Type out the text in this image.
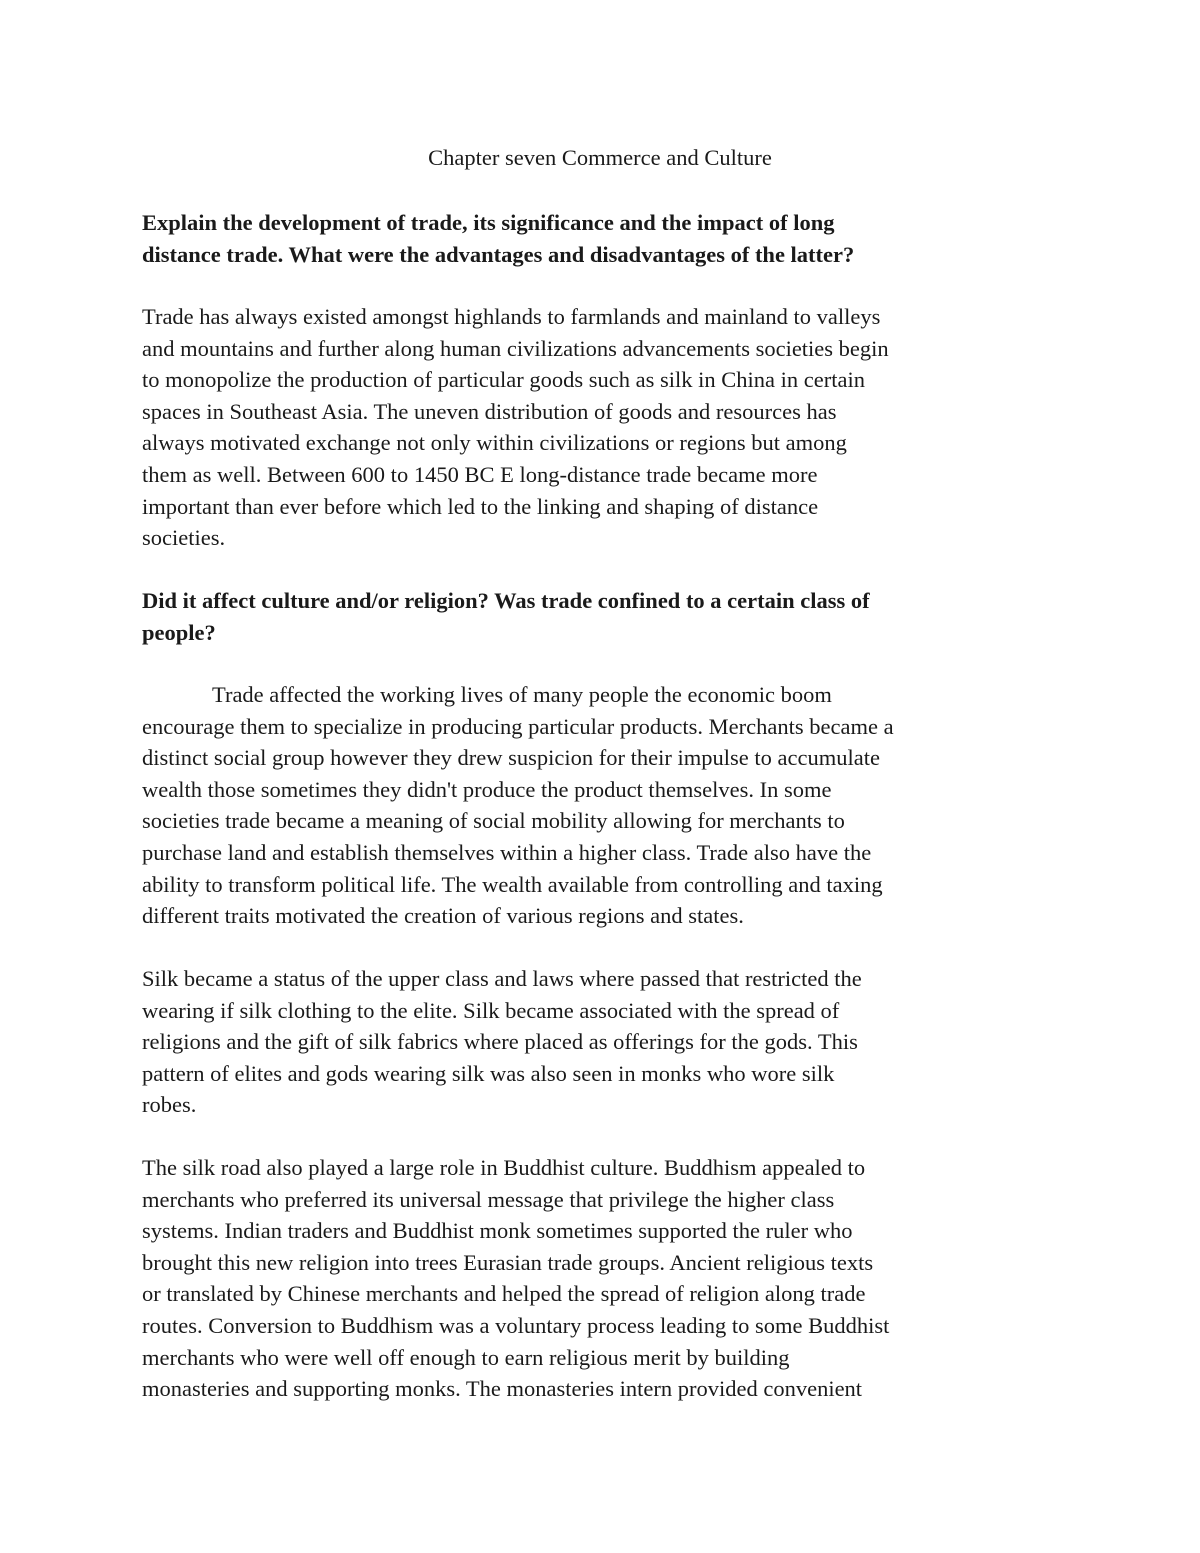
Chapter seven Commerce and Culture
Explain the development of trade, its significance and the impact of long
distance trade. What were the advantages and disadvantages of the latter?
Trade has always existed amongst highlands to farmlands and mainland to valleys
and mountains and further along human civilizations advancements societies begin
to monopolize the production of particular goods such as silk in China in certain
spaces in Southeast Asia. The uneven distribution of goods and resources has
always motivated exchange not only within civilizations or regions but among
them as well. Between 600 to 1450 BC E long-distance trade became more
important than ever before which led to the linking and shaping of distance
societies.
Did it affect culture and/or religion? Was trade confined to a certain class of
people?
Trade affected the working lives of many people the economic boom
encourage them to specialize in producing particular products. Merchants became a
distinct social group however they drew suspicion for their impulse to accumulate
wealth those sometimes they didn't produce the product themselves. In some
societies trade became a meaning of social mobility allowing for merchants to
purchase land and establish themselves within a higher class. Trade also have the
ability to transform political life. The wealth available from controlling and taxing
different traits motivated the creation of various regions and states.
Silk became a status of the upper class and laws where passed that restricted the
wearing if silk clothing to the elite. Silk became associated with the spread of
religions and the gift of silk fabrics where placed as offerings for the gods. This
pattern of elites and gods wearing silk was also seen in monks who wore silk
robes.
The silk road also played a large role in Buddhist culture. Buddhism appealed to
merchants who preferred its universal message that privilege the higher class
systems. Indian traders and Buddhist monk sometimes supported the ruler who
brought this new religion into trees Eurasian trade groups. Ancient religious texts
or translated by Chinese merchants and helped the spread of religion along trade
routes. Conversion to Buddhism was a voluntary process leading to some Buddhist
merchants who were well off enough to earn religious merit by building
monasteries and supporting monks. The monasteries intern provided convenient
